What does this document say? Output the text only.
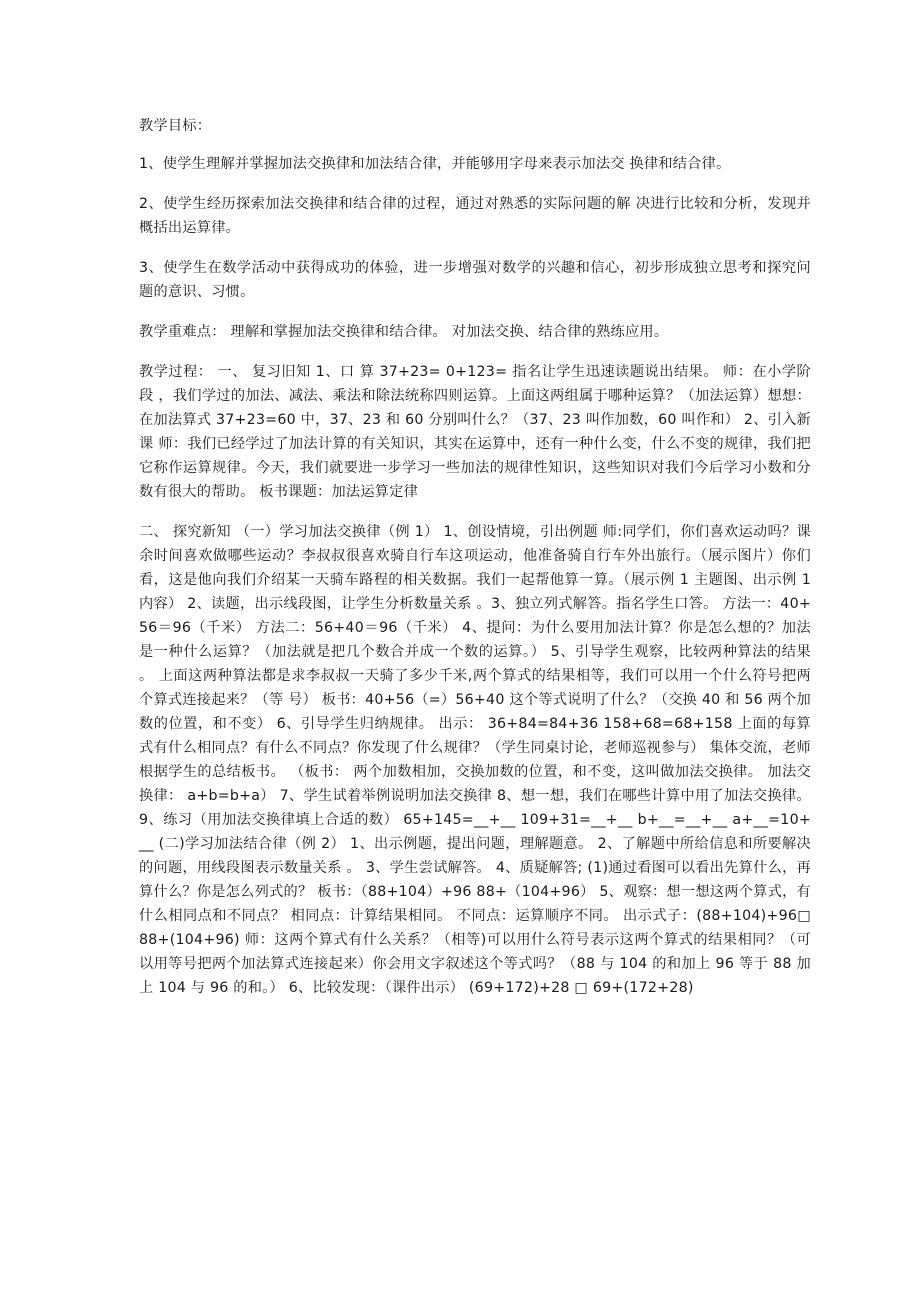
教学目标：

1、使学生理解并掌握加法交换律和加法结合律，并能够用字母来表示加法交 换律和结合律。

2、使学生经历探索加法交换律和结合律的过程，通过对熟悉的实际问题的解 决进行比较和分析，发现并概括出运算律。

3、使学生在数学活动中获得成功的体验，进一步增强对数学的兴趣和信心，初步形成独立思考和探究问题的意识、习惯。

教学重难点： 理解和掌握加法交换律和结合律。 对加法交换、结合律的熟练应用。

教学过程： 一、 复习旧知 1、口 算 37+23= 0+123= 指名让学生迅速读题说出结果。 师：在小学阶段 ，我们学过的加法、减法、乘法和除法统称四则运算。上面这两组属于哪种运算？（加法运算）想想：在加法算式 37+23=60 中，37、23 和 60 分别叫什么？（37、23 叫作加数，60 叫作和） 2、引入新课 师：我们已经学过了加法计算的有关知识，其实在运算中，还有一种什么变，什么不变的规律，我们把它称作运算规律。今天，我们就要进一步学习一些加法的规律性知识，这些知识对我们今后学习小数和分数有很大的帮助。 板书课题：加法运算定律

二、 探究新知 （一）学习加法交换律（例 1） 1、创设情境，引出例题 师:同学们，你们喜欢运动吗？课余时间喜欢做哪些运动？李叔叔很喜欢骑自行车这项运动，他准备骑自行车外出旅行。（展示图片）你们看，这是他向我们介绍某一天骑车路程的相关数据。我们一起帮他算一算。（展示例 1 主题图、出示例 1 内容） 2、读题，出示线段图，让学生分析数量关系 。3、独立列式解答。指名学生口答。 方法一：40+56＝96（千米） 方法二：56+40＝96（千米） 4、提问：为什么要用加法计算？你是怎么想的？加法是一种什么运算？（加法就是把几个数合并成一个数的运算。） 5、引导学生观察，比较两种算法的结果 。 上面这两种算法都是求李叔叔一天骑了多少千米,两个算式的结果相等，我们可以用一个什么符号把两个算式连接起来？（等 号） 板书：40+56（=）56+40 这个等式说明了什么？（交换 40 和 56 两个加数的位置，和不变） 6、引导学生归纳规律。 出示： 36+84=84+36 158+68=68+158 上面的每算式有什么相同点？有什么不同点？你发现了什么规律？（学生同桌讨论，老师巡视参与） 集体交流，老师根据学生的总结板书。 （板书： 两个加数相加，交换加数的位置，和不变，这叫做加法交换律。 加法交换律： a+b=b+a） 7、学生试着举例说明加法交换律 8、想一想，我们在哪些计算中用了加法交换律。 9、练习（用加法交换律填上合适的数） 65+145=__+__ 109+31=__+__ b+__=__+__ a+__=10+__ (二)学习加法结合律（例 2） 1、出示例题，提出问题，理解题意。 2、了解题中所给信息和所要解决的问题，用线段图表示数量关系 。 3、学生尝试解答。 4、质疑解答; (1)通过看图可以看出先算什么，再算什么？你是怎么列式的？ 板书：（88+104）+96 88+（104+96） 5、观察：想一想这两个算式，有什么相同点和不同点？ 相同点：计算结果相同。 不同点：运算顺序不同。 出示式子：(88+104)+96□88+(104+96) 师：这两个算式有什么关系？（相等)可以用什么符号表示这两个算式的结果相同？（可以用等号把两个加法算式连接起来）你会用文字叙述这个等式吗？（88 与 104 的和加上 96 等于 88 加上 104 与 96 的和。） 6、比较发现：（课件出示） (69+172)+28 □ 69+(172+28)
